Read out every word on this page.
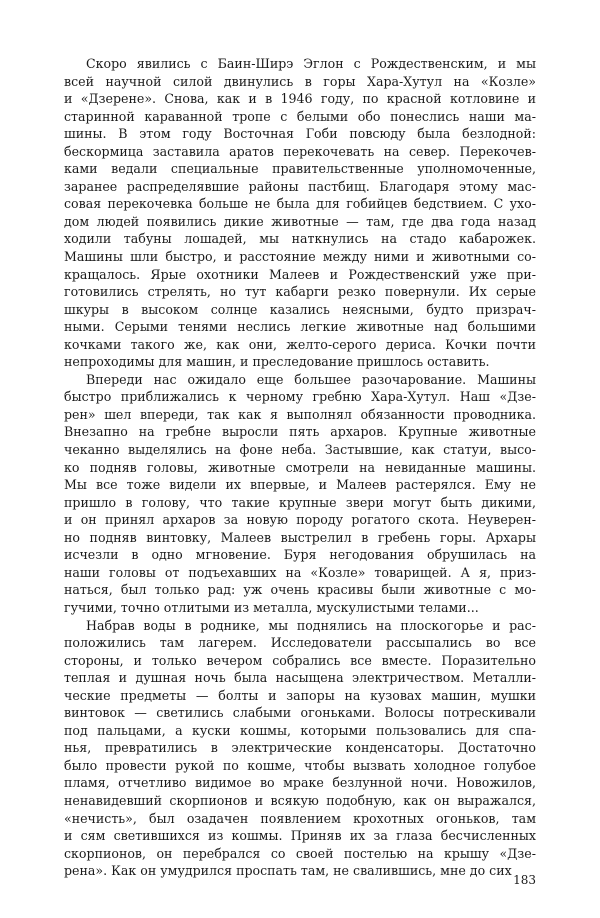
Скоро явились с Баин-Ширэ Эглон с Рождественским, и мы
всей научной силой двинулись в горы Хара-Хутул на «Козле»
и «Дзерене». Снова, как и в 1946 году, по красной котловине и
старинной караванной тропе с белыми обо понеслись наши ма-
шины. В этом году Восточная Гоби повсюду была безлодной:
бескормица заставила аратов перекочевать на север. Перекочев-
ками ведали специальные правительственные уполномоченные,
заранее распределявшие районы пастбищ. Благодаря этому мас-
совая перекочевка больше не была для гобийцев бедствием. С ухо-
дом людей появились дикие животные — там, где два года назад
ходили табуны лошадей, мы наткнулись на стадо кабарожек.
Машины шли быстро, и расстояние между ними и животными со-
кращалось. Ярые охотники Малеев и Рождественский уже при-
готовились стрелять, но тут кабарги резко повернули. Их серые
шкуры в высоком солнце казались неясными, будто призрач-
ными. Серыми тенями неслись легкие животные над большими
кочками такого же, как они, желто-серого дериса. Кочки почти
непроходимы для машин, и преследование пришлось оставить.
Впереди нас ожидало еще большее разочарование. Машины
быстро приближались к черному гребню Хара-Хутул. Наш «Дзе-
рен» шел впереди, так как я выполнял обязанности проводника.
Внезапно на гребне выросли пять архаров. Крупные животные
чеканно выделялись на фоне неба. Застывшие, как статуи, высо-
ко подняв головы, животные смотрели на невиданные машины.
Мы все тоже видели их впервые, и Малеев растерялся. Ему не
пришло в голову, что такие крупные звери могут быть дикими,
и он принял архаров за новую породу рогатого скота. Неуверен-
но подняв винтовку, Малеев выстрелил в гребень горы. Архары
исчезли в одно мгновение. Буря негодования обрушилась на
наши головы от подъехавших на «Козле» товарищей. А я, приз-
наться, был только рад: уж очень красивы были животные с мо-
гучими, точно отлитыми из металла, мускулистыми телами...
Набрав воды в роднике, мы поднялись на плоскогорье и рас-
положились там лагерем. Исследователи рассыпались во все
стороны, и только вечером собрались все вместе. Поразительно
теплая и душная ночь была насыщена электричеством. Металли-
ческие предметы — болты и запоры на кузовах машин, мушки
винтовок — светились слабыми огоньками. Волосы потрескивали
под пальцами, а куски кошмы, которыми пользовались для спа-
нья, превратились в электрические конденсаторы. Достаточно
было провести рукой по кошме, чтобы вызвать холодное голубое
пламя, отчетливо видимое во мраке безлунной ночи. Новожилов,
ненавидевший скорпионов и всякую подобную, как он выражался,
«нечисть», был озадачен появлением крохотных огоньков, там
и сям светившихся из кошмы. Приняв их за глаза бесчисленных
скорпионов, он перебрался со своей постелью на крышу «Дзе-
рена». Как он умудрился проспать там, не свалившись, мне до сих
183
